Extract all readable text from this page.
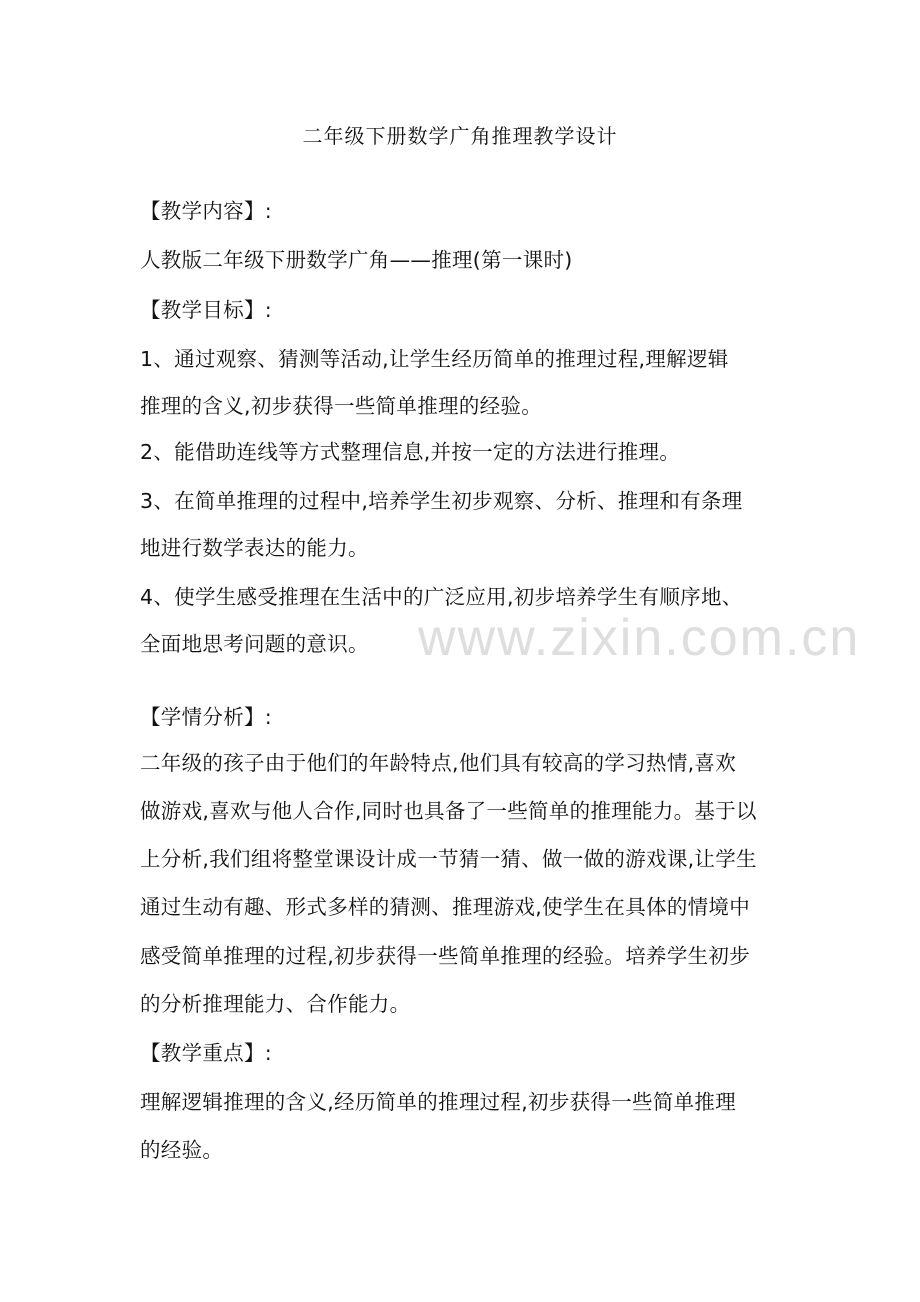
二年级下册数学广角推理教学设计
【教学内容】:
人教版二年级下册数学广角——推理(第一课时)
【教学目标】:
1、通过观察、猜测等活动,让学生经历简单的推理过程,理解逻辑
推理的含义,初步获得一些简单推理的经验。
2、能借助连线等方式整理信息,并按一定的方法进行推理。
3、在简单推理的过程中,培养学生初步观察、分析、推理和有条理
地进行数学表达的能力。
4、使学生感受推理在生活中的广泛应用,初步培养学生有顺序地、
全面地思考问题的意识。
【学情分析】:
二年级的孩子由于他们的年龄特点,他们具有较高的学习热情,喜欢
做游戏,喜欢与他人合作,同时也具备了一些简单的推理能力。基于以
上分析,我们组将整堂课设计成一节猜一猜、做一做的游戏课,让学生
通过生动有趣、形式多样的猜测、推理游戏,使学生在具体的情境中
感受简单推理的过程,初步获得一些简单推理的经验。培养学生初步
的分析推理能力、合作能力。
【教学重点】:
理解逻辑推理的含义,经历简单的推理过程,初步获得一些简单推理
的经验。
www.zixin.com.cn
